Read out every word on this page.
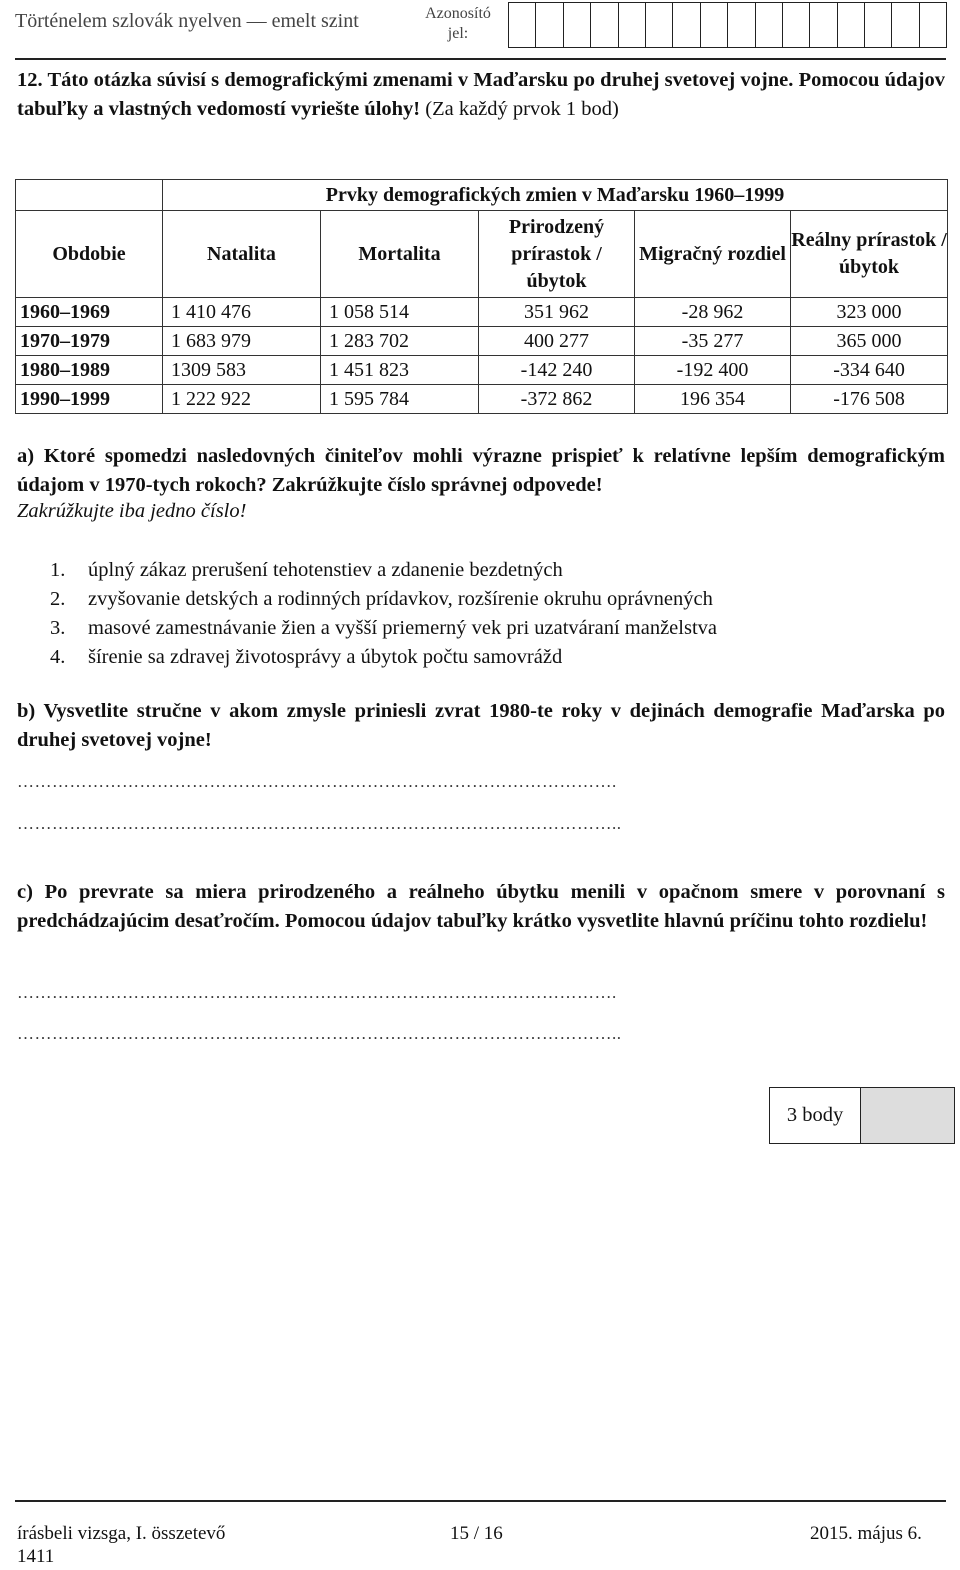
Történelem szlovák nyelven — emelt szint	Azonosító jel:
12. Táto otázka súvisí s demografickými zmenami v Maďarsku po druhej svetovej vojne. Pomocou údajov tabuľky a vlastných vedomostí vyriešte úlohy! (Za každý prvok 1 bod)
	Prvky demografických zmien v Maďarsku 1960–1999				
Obdobie	Natalita	Mortalita	Prirodzený prírastok / úbytok	Migračný rozdiel	Reálny prírastok / úbytok
1960–1969	1 410 476	1 058 514	351 962	-28 962	323 000
1970–1979	1 683 979	1 283 702	400 277	-35 277	365 000
1980–1989	1309 583	1 451 823	-142 240	-192 400	-334 640
1990–1999	1 222 922	1 595 784	-372 862	196 354	-176 508
a) Ktoré spomedzi nasledovných činiteľov mohli výrazne prispieť k relatívne lepším demografickým údajom v 1970-tych rokoch? Zakrúžkujte číslo správnej odpovede!
Zakrúžkujte iba jedno číslo!
1.	úplný zákaz prerušení tehotenstiev a zdanenie bezdetných
2.	zvyšovanie detských a rodinných prídavkov, rozšírenie okruhu oprávnených
3.	masové zamestnávanie žien a vyšší priemerný vek pri uzatváraní manželstva
4.	šírenie sa zdravej životosprávy a úbytok počtu samovrážd
b) Vysvetlite stručne v akom zmysle priniesli zvrat 1980-te roky v dejinách demografie Maďarska po druhej svetovej vojne!
………………………………………………………………………………………….
…………………………………………………………………………………………..
c) Po prevrate sa miera prirodzeného a reálneho úbytku menili v opačnom smere v porovnaní s predchádzajúcim desaťročím. Pomocou údajov tabuľky krátko vysvetlite hlavnú príčinu tohto rozdielu!
………………………………………………………………………………………….
…………………………………………………………………………………………..
3 body
írásbeli vizsga, I. összetevő	15 / 16	2015. május 6.
1411
